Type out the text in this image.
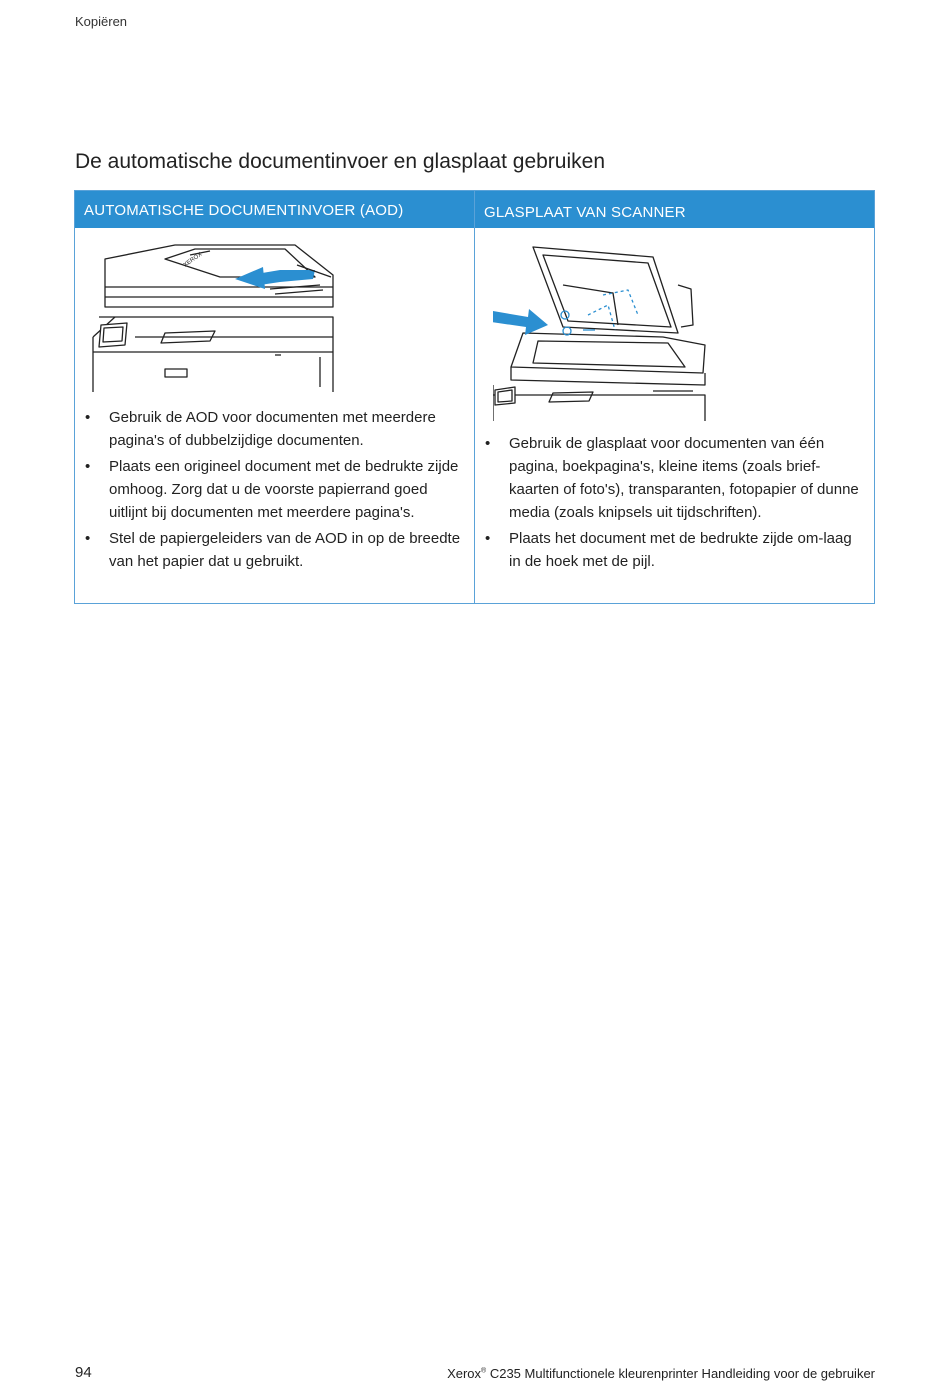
Kopiëren
De automatische documentinvoer en glasplaat gebruiken
AUTOMATISCHE DOCUMENTINVOER (AOD)
XEROX
• Gebruik de AOD voor documenten met meerdere pagina's of dubbelzijdige documenten.
• Plaats een origineel document met de bedrukte zijde omhoog. Zorg dat u de voorste papierrand goed uitlijnt bij documenten met meerdere pagina's.
• Stel de papiergeleiders van de AOD in op de breedte van het papier dat u gebruikt.
GLASPLAAT VAN SCANNER
• Gebruik de glasplaat voor documenten van één pagina, boekpagina's, kleine items (zoals brief-kaarten of foto's), transparanten, fotopapier of dunne media (zoals knipsels uit tijdschriften).
• Plaats het document met de bedrukte zijde om-laag in de hoek met de pijl.
94	Xerox® C235 Multifunctionele kleurenprinter Handleiding voor de gebruiker
